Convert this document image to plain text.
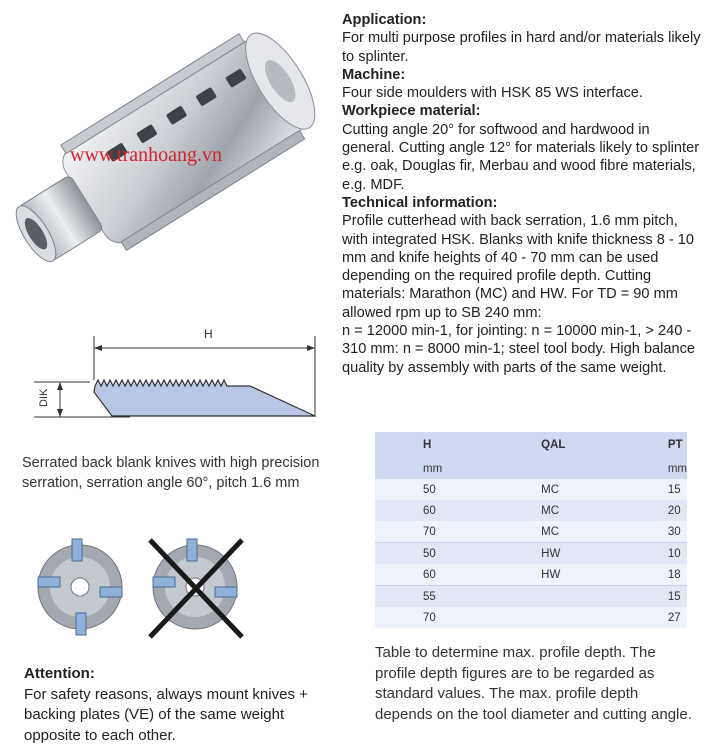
www.tranhoang.vn
Application:

For multi purpose profiles in hard and/or materials likely to splinter.

Machine:

Four side moulders with HSK 85 WS interface.

Workpiece material:

Cutting angle 20° for softwood and hardwood in general. Cutting angle 12° for materials likely to splinter e.g. oak, Douglas fir, Merbau and wood fibre materials, e.g. MDF.

Technical information:

Profile cutterhead with back serration, 1.6 mm pitch, with integrated HSK. Blanks with knife thickness 8 - 10 mm and knife heights of 40 - 70 mm can be used depending on the required profile depth. Cutting materials: Marathon (MC) and HW. For TD = 90 mm allowed rpm up to SB 240 mm:

n = 12000 min-1, for jointing: n = 10000 min-1, > 240 - 310 mm: n = 8000 min-1; steel tool body. High balance quality by assembly with parts of the same weight.

H
DIK
Serrated back blank knives with high precision serration, serration angle 60°, pitch 1.6 mm
Attention:

For safety reasons, always mount knives + backing plates (VE) of the same weight opposite to each other.

H	QAL	PT
mm		mm
50	MC	15
60	MC	20
70	MC	30
50	HW	10
60	HW	18
55		15
70		27
Table to determine max. profile depth. The profile depth figures are to be regarded as standard values. The max. profile depth depends on the tool diameter and cutting angle.
